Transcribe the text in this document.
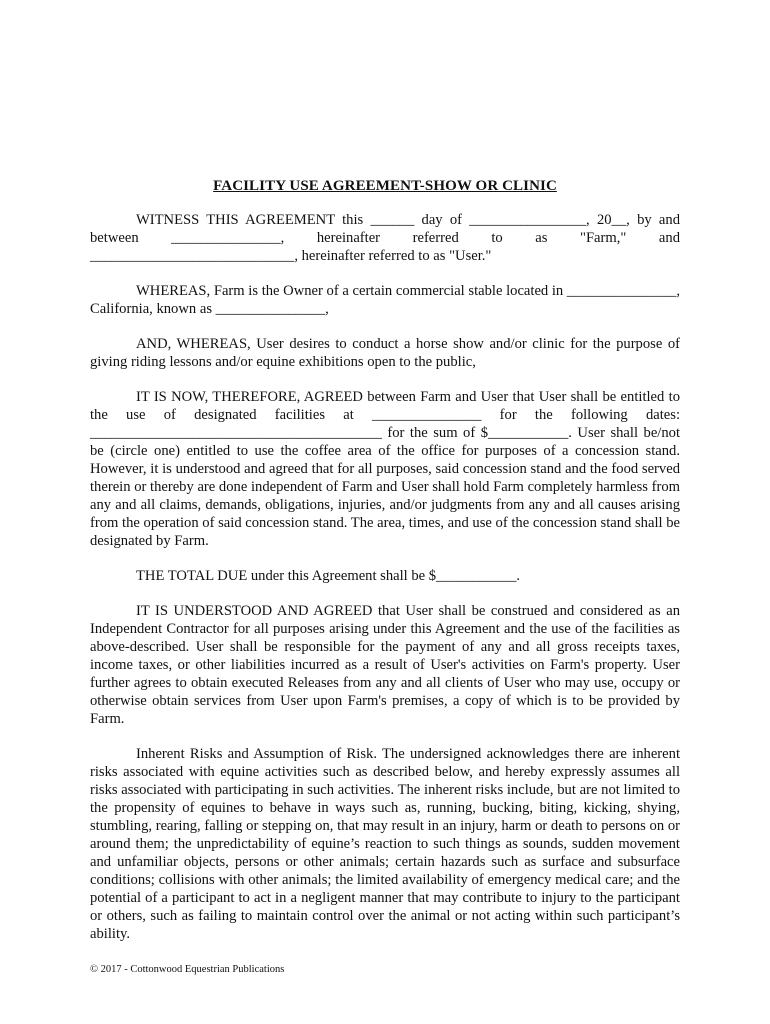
FACILITY USE AGREEMENT-SHOW OR CLINIC

WITNESS THIS AGREEMENT this ______ day of ________________, 20__, by and between _______________, hereinafter referred to as "Farm," and ____________________________, hereinafter referred to as "User."

WHEREAS, Farm is the Owner of a certain commercial stable located in _______________, California, known as _______________,

AND, WHEREAS, User desires to conduct a horse show and/or clinic for the purpose of giving riding lessons and/or equine exhibitions open to the public,

IT IS NOW, THEREFORE, AGREED between Farm and User that User shall be entitled to the use of designated facilities at _______________ for the following dates: ________________________________________ for the sum of $___________. User shall be/not be (circle one) entitled to use the coffee area of the office for purposes of a concession stand. However, it is understood and agreed that for all purposes, said concession stand and the food served therein or thereby are done independent of Farm and User shall hold Farm completely harmless from any and all claims, demands, obligations, injuries, and/or judgments from any and all causes arising from the operation of said concession stand. The area, times, and use of the concession stand shall be designated by Farm.

THE TOTAL DUE under this Agreement shall be $___________.

IT IS UNDERSTOOD AND AGREED that User shall be construed and considered as an Independent Contractor for all purposes arising under this Agreement and the use of the facilities as above-described. User shall be responsible for the payment of any and all gross receipts taxes, income taxes, or other liabilities incurred as a result of User's activities on Farm's property. User further agrees to obtain executed Releases from any and all clients of User who may use, occupy or otherwise obtain services from User upon Farm's premises, a copy of which is to be provided by Farm.

Inherent Risks and Assumption of Risk. The undersigned acknowledges there are inherent risks associated with equine activities such as described below, and hereby expressly assumes all risks associated with participating in such activities. The inherent risks include, but are not limited to the propensity of equines to behave in ways such as, running, bucking, biting, kicking, shying, stumbling, rearing, falling or stepping on, that may result in an injury, harm or death to persons on or around them; the unpredictability of equine’s reaction to such things as sounds, sudden movement and unfamiliar objects, persons or other animals; certain hazards such as surface and subsurface conditions; collisions with other animals; the limited availability of emergency medical care; and the potential of a participant to act in a negligent manner that may contribute to injury to the participant or others, such as failing to maintain control over the animal or not acting within such participant’s ability.

© 2017 - Cottonwood Equestrian Publications
